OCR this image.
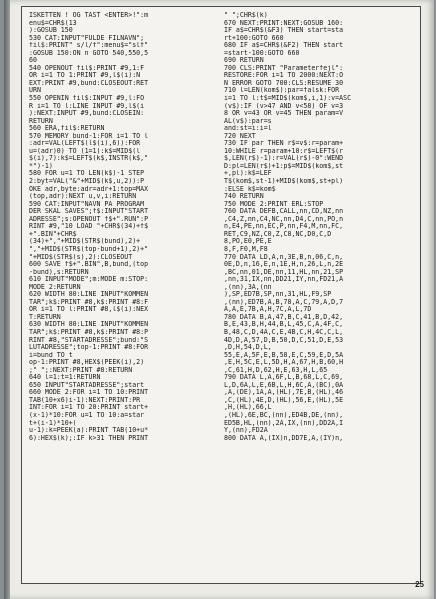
ISKETTEN ! OG TAST <ENTER>!":m
enu$=CHR$(13
):GOSUB 150
530 CAT:INPUT"FULDE FILNAVN";
fil$:PRINT" s/l/f":menu$="slf"
:GOSUB 150:ON n GOTO 540,550,5
60
540 OPENOUT fil$:PRINT #9,1:F
OR i=1 TO 1:PRINT #9,l$(i):N
EXT:PRINT #9,bund:CLOSEOUT:RET
URN
550 OPENIN fil$:INPUT #9,l:FO
R i=1 TO l:LINE INPUT #9,l$(i
):NEXT:INPUT #9,bund:CLOSEIN:
RETURN
560 ERA,fil$:RETURN
570 MEMORY bund-1:FOR i=1 TO l
:adr=VAL(LEFT$(l$(i),6)):FOR
u=(adr)0) TO (1=1):k$=MID$(l
$(i),7):k$=LEFT$(k$,INSTR(k$,"
*")-1)
580 FOR u=1 TO LEN(k$)-1 STEP
2:byt=VAL("&"+MID$(k$,u,2)):P
OKE adr,byte:adr=adr+1:top=MAX
(top,adr):NEXT u,v,i:RETURN
590 CAT:INPUT"NAVN PA PROGRAM
DER SKAL SAVES";f$:INPUT"START
ADRESSE";s:OPENOUT f$+".RUN":P
RINT #9,"10 LOAD "+CHR$(34)+f$
+".BIN"+CHR$
(34)+","+MID$(STR$(bund),2)+
","+MID$(STR$(top-bund+1),2)+"
"+MID$(STR$(s),2):CLOSEOUT
600 SAVE f$+".BIN",B,bund,(top
-bund),s:RETURN
610 INPUT"MODE";m:MODE m:STOP:
MODE 2:RETURN
620 WIDTH 80:LINE INPUT"KOMMEN
TAR";k$:PRINT #8,k$:PRINT #8:F
OR i=1 TO l:PRINT #8,l$(i):NEX
T:RETURN
630 WIDTH 80:LINE INPUT"KOMMEN
TAR";k$:PRINT #8,k$:PRINT #8:P
RINT #8,"STARTADRESSE";bund:"S
LUTADRESSE";top-1:PRINT #8:FOR
i=bund TO t
op-1:PRINT #8,HEX$(PEEK(i),2)
;" ";:NEXT:PRINT #8:RETURN
640 l=1:t=1:RETURN
650 INPUT"STARTADRESSE";start
660 MODE 2:FOR i=1 TO 10:PRINT
TAB(10+x6)i-1):NEXT:PRINT:PR
INT:FOR i=1 TO 20:PRINT start+
(x-1)*10:FOR u=1 TO 10:a=star
t+(i-1)*10+(
u-1):k=PEEK(a):PRINT TAB(10+u*
6):HEX$(k);:IF k>31 THEN PRINT
" ";CHR$(k)
670 NEXT:PRINT:NEXT:GOSUB 160:
IF a$=CHR$(&F3) THEN start=sta
rt+100:GOTO 660
680 IF a$=CHR$(&F2) THEN start
=start-100:GOTO 660
690 RETURN
700 CLS:PRINT "Parameterfejl":
RESTORE:FOR i=1 TO 2000:NEXT:O
N ERROR GOTO 700:CLS:RESUME 30
710 l=LEN(kom$):par=falsk:FOR
i=1 TO l:t$=MID$(kom$,i,1):v=ASC
(v$):IF (v>47 AND v<58) OF v=3
8 OR v=43 OR v=45 THEN param=V
AL(v$):par=s
and:st=i:i=l
720 NEXT
730 IF par THEN r$=v$:r=param+
10:WHILE r=param+10:r$=LEFT$(r
$,LEN(r$)-1):r=VAL(r$)-0":WEND
D:pl=LEN(r$)+1:p$=MID$(kom$,st
+,pl):k$=LEF
T$(kom$,st-1)+MID$(kom$,st+pl)
:ELSE k$=kom$
740 RETURN
750 MODE 2:PRINT ERL:STOP
760 DATA DEFB,CALL,nn,CD,NZ,nn
,C4,Z,nn,C4,NC,nn,D4,C,nn,PO,n
n,E4,PE,nn,EC,P,nn,F4,M,nn,FC,
RET,C9,NZ,C0,Z,C8,NC,D0,C,D
8,PO,E0,PE,E
8,F,F0,M,F8
770 DATA LD,A,n,3E,B,n,06,C,n,
0E,D,n,16,E,n,1E,H,n,26,L,n,2E
,BC,nn,01,DE,nn,11,HL,nn,21,SP
,nn,31,IX,nn,DD21,IY,nn,FD21,A
,(nn),3A,(nn
),SP,ED7B,SP,nn,31,HL,F9,SP
,(nn),ED7B,A,B,78,A,C,79,A,D,7
A,A,E,7B,A,H,7C,A,L,7D
780 DATA B,A,47,B,C,41,B,D,42,
B,E,43,B,H,44,B,L,45,C,A,4F,C,
B,48,C,D,4A,C,E,4B,C,H,4C,C,L,
4D,D,A,57,D,B,50,D,C,51,D,E,53
,D,H,54,D,L,
55,E,A,5F,E,B,58,E,C,59,E,D,5A
,E,H,5C,E,L,5D,H,A,67,H,B,60,H
,C,61,H,D,62,H,E,63,H,L,65
790 DATA L,A,6F,L,B,68,L,C,69,
L,D,6A,L,E,6B,L,H,6C,A,(BC),0A
,A,(DE),1A,A,(HL),7E,B,(HL),46
,C,(HL),4E,D,(HL),56,E,(HL),5E
,H,(HL),66,L
,(HL),6E,BC,(nn),ED4B,DE,(nn),
ED5B,HL,(nn),2A,IX,(nn),DD2A,I
Y,(nn),FD2A
800 DATA A,(IX)n,DD7E,A,(IY)n,
25
